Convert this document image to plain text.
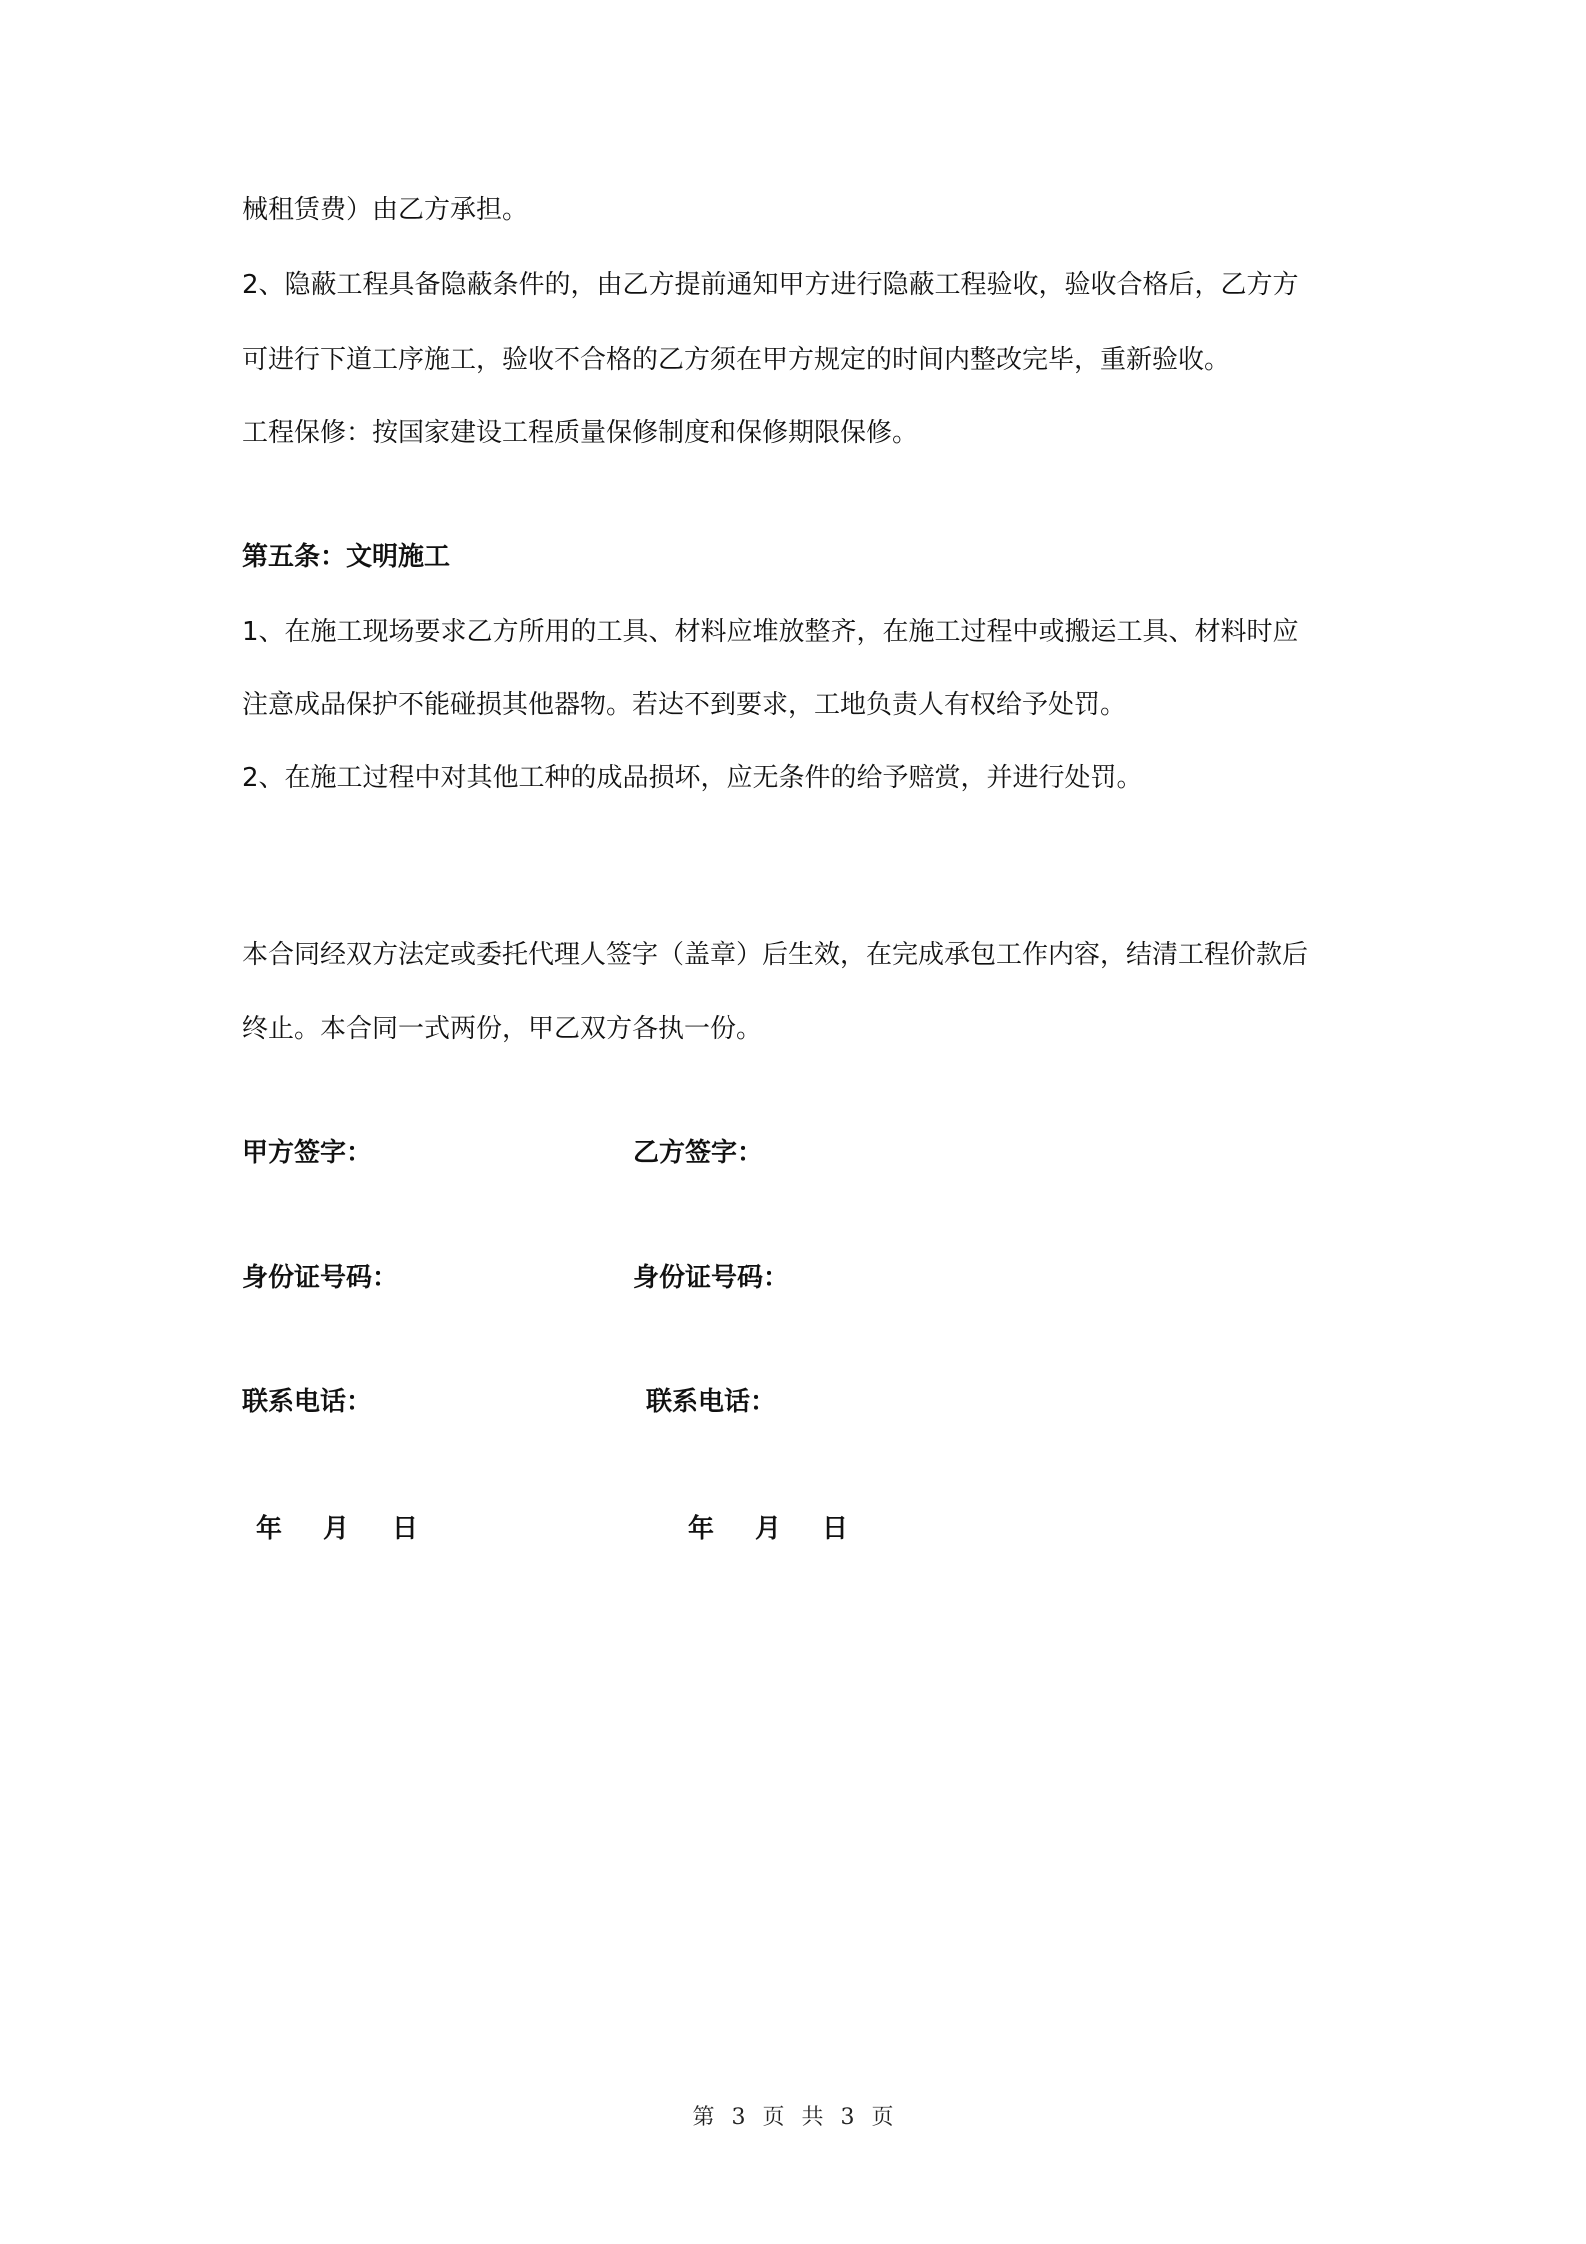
械租赁费）由乙方承担。
2、隐蔽工程具备隐蔽条件的，由乙方提前通知甲方进行隐蔽工程验收，验收合格后，乙方方
可进行下道工序施工，验收不合格的乙方须在甲方规定的时间内整改完毕，重新验收。
工程保修：按国家建设工程质量保修制度和保修期限保修。
第五条：文明施工
1、在施工现场要求乙方所用的工具、材料应堆放整齐，在施工过程中或搬运工具、材料时应
注意成品保护不能碰损其他器物。若达不到要求，工地负责人有权给予处罚。
2、在施工过程中对其他工种的成品损坏，应无条件的给予赔赏，并进行处罚。
本合同经双方法定或委托代理人签字（盖章）后生效，在完成承包工作内容，结清工程价款后
终止。本合同一式两份，甲乙双方各执一份。
甲方签字：	乙方签字：
身份证号码：	身份证号码：
联系电话：	联系电话：
年 月 日	年 月 日
第 3 页 共 3 页
